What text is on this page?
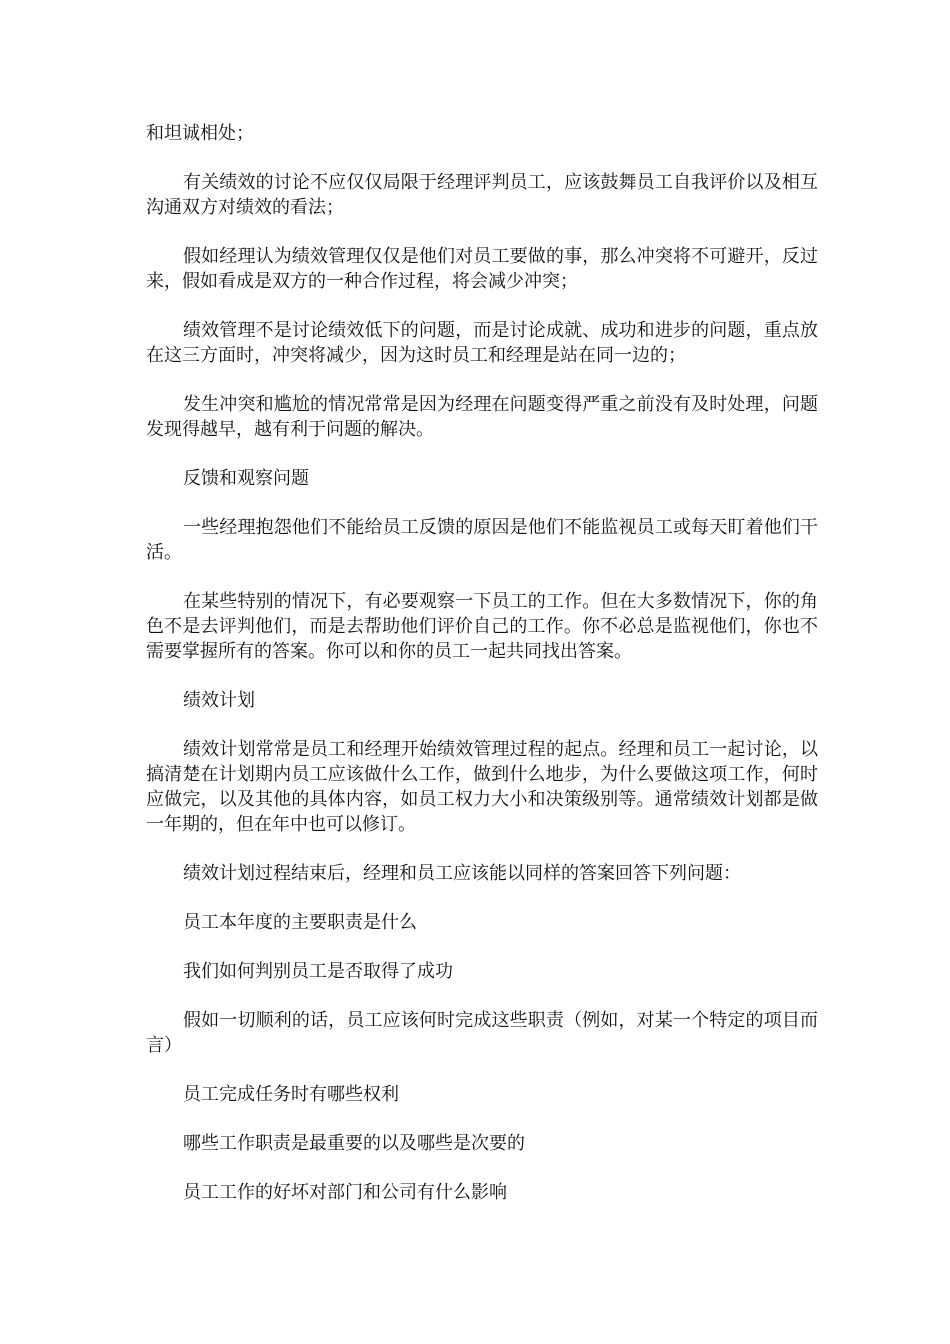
和坦诚相处；

有关绩效的讨论不应仅仅局限于经理评判员工，应该鼓舞员工自我评价以及相互沟通双方对绩效的看法；

假如经理认为绩效管理仅仅是他们对员工要做的事，那么冲突将不可避开，反过来，假如看成是双方的一种合作过程，将会减少冲突；

绩效管理不是讨论绩效低下的问题，而是讨论成就、成功和进步的问题，重点放在这三方面时，冲突将减少，因为这时员工和经理是站在同一边的；

发生冲突和尴尬的情况常常是因为经理在问题变得严重之前没有及时处理，问题发现得越早，越有利于问题的解决。

反馈和观察问题

一些经理抱怨他们不能给员工反馈的原因是他们不能监视员工或每天盯着他们干活。

在某些特别的情况下，有必要观察一下员工的工作。但在大多数情况下，你的角色不是去评判他们，而是去帮助他们评价自己的工作。你不必总是监视他们，你也不需要掌握所有的答案。你可以和你的员工一起共同找出答案。

绩效计划

绩效计划常常是员工和经理开始绩效管理过程的起点。经理和员工一起讨论，以搞清楚在计划期内员工应该做什么工作，做到什么地步，为什么要做这项工作，何时应做完，以及其他的具体内容，如员工权力大小和决策级别等。通常绩效计划都是做一年期的，但在年中也可以修订。

绩效计划过程结束后，经理和员工应该能以同样的答案回答下列问题：

员工本年度的主要职责是什么

我们如何判别员工是否取得了成功

假如一切顺利的话，员工应该何时完成这些职责（例如，对某一个特定的项目而言）

员工完成任务时有哪些权利

哪些工作职责是最重要的以及哪些是次要的

员工工作的好坏对部门和公司有什么影响
